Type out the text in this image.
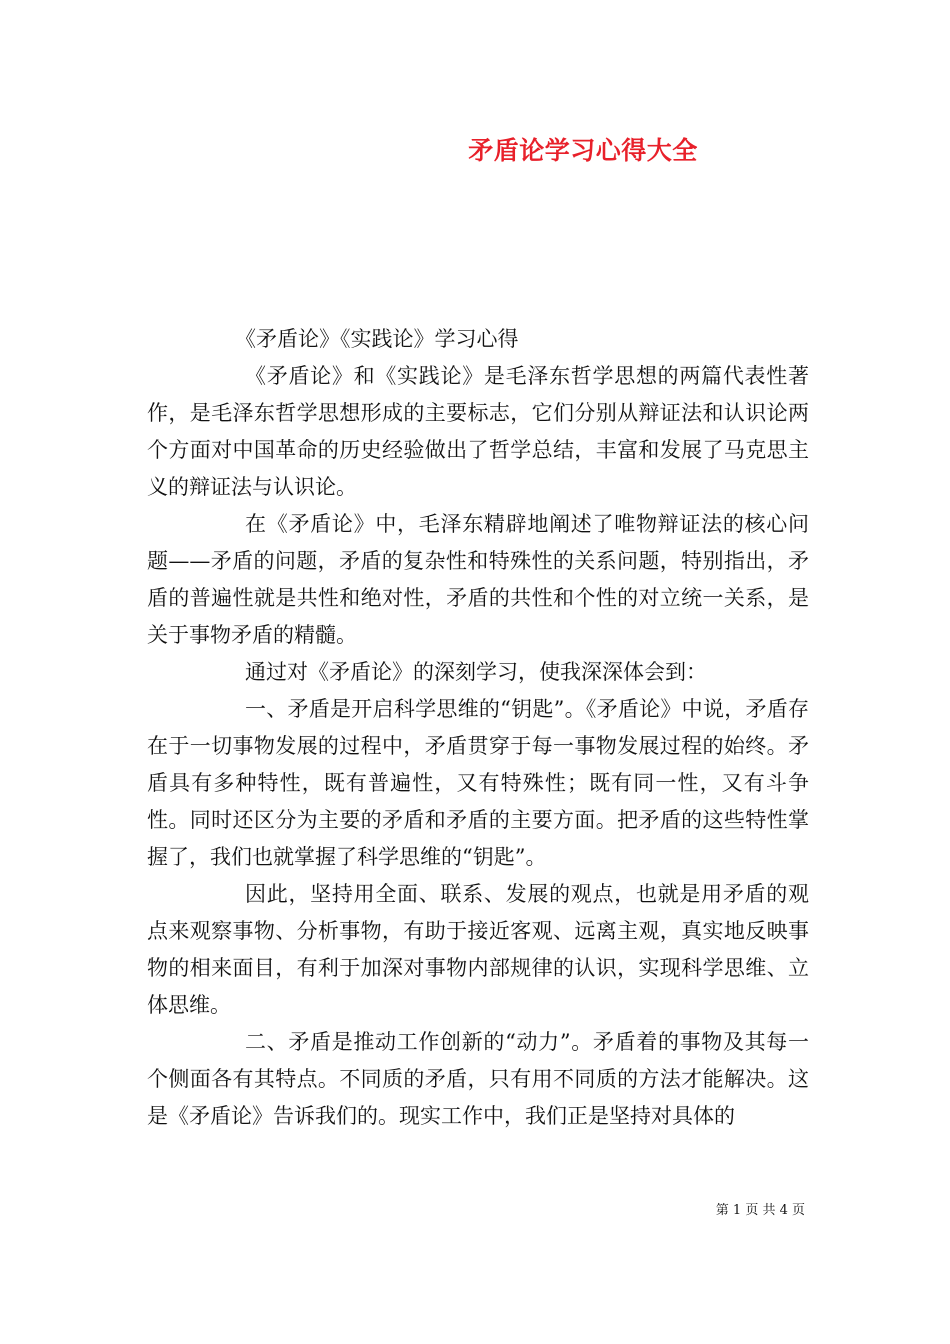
矛盾论学习心得大全

《矛盾论》《实践论》学习心得

《矛盾论》和《实践论》是毛泽东哲学思想的两篇代表性著作，是毛泽东哲学思想形成的主要标志，它们分别从辩证法和认识论两个方面对中国革命的历史经验做出了哲学总结，丰富和发展了马克思主义的辩证法与认识论。

在《矛盾论》中，毛泽东精辟地阐述了唯物辩证法的核心问题——矛盾的问题，矛盾的复杂性和特殊性的关系问题，特别指出，矛盾的普遍性就是共性和绝对性，矛盾的共性和个性的对立统一关系，是关于事物矛盾的精髓。

通过对《矛盾论》的深刻学习，使我深深体会到：

一、矛盾是开启科学思维的“钥匙”。《矛盾论》中说，矛盾存在于一切事物发展的过程中，矛盾贯穿于每一事物发展过程的始终。矛盾具有多种特性，既有普遍性，又有特殊性；既有同一性，又有斗争性。同时还区分为主要的矛盾和矛盾的主要方面。把矛盾的这些特性掌握了，我们也就掌握了科学思维的“钥匙”。

因此，坚持用全面、联系、发展的观点，也就是用矛盾的观点来观察事物、分析事物，有助于接近客观、远离主观，真实地反映事物的相来面目，有利于加深对事物内部规律的认识，实现科学思维、立体思维。

二、矛盾是推动工作创新的“动力”。矛盾着的事物及其每一个侧面各有其特点。不同质的矛盾，只有用不同质的方法才能解决。这是《矛盾论》告诉我们的。现实工作中，我们正是坚持对具体的

第 1 页 共 4 页
